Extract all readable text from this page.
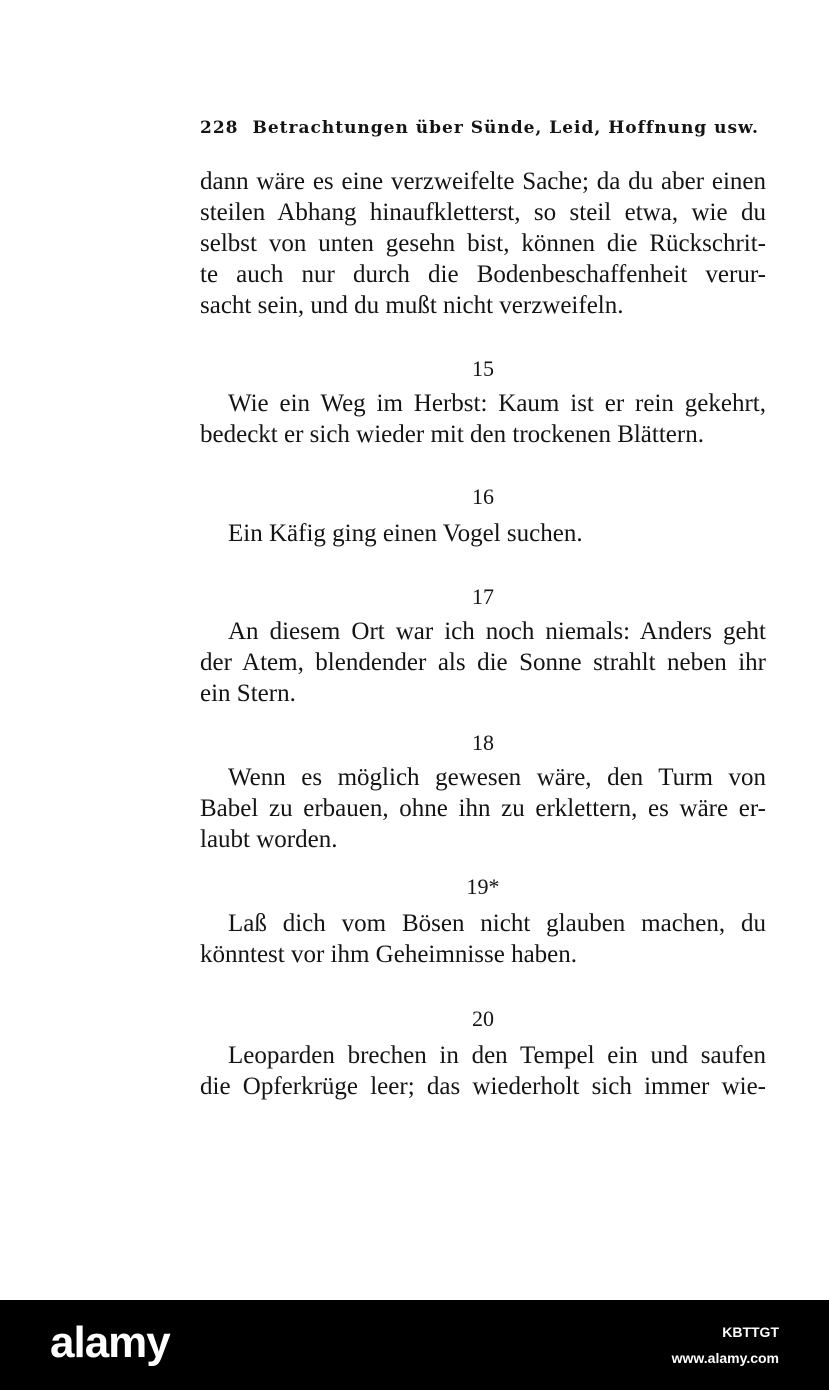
228 Betrachtungen über Sünde, Leid, Hoffnung usw.
dann wäre es eine verzweifelte Sache; da du aber einen
steilen Abhang hinaufkletterst, so steil etwa, wie du
selbst von unten gesehn bist, können die Rückschrit-
te auch nur durch die Bodenbeschaffenheit verur-
sacht sein, und du mußt nicht verzweifeln.
15
Wie ein Weg im Herbst: Kaum ist er rein gekehrt,
bedeckt er sich wieder mit den trockenen Blättern.
16
Ein Käfig ging einen Vogel suchen.
17
An diesem Ort war ich noch niemals: Anders geht
der Atem, blendender als die Sonne strahlt neben ihr
ein Stern.
18
Wenn es möglich gewesen wäre, den Turm von
Babel zu erbauen, ohne ihn zu erklettern, es wäre er-
laubt worden.
19*
Laß dich vom Bösen nicht glauben machen, du
könntest vor ihm Geheimnisse haben.
20
Leoparden brechen in den Tempel ein und saufen
die Opferkrüge leer; das wiederholt sich immer wie-
alamy	KBTTGT
www.alamy.com
